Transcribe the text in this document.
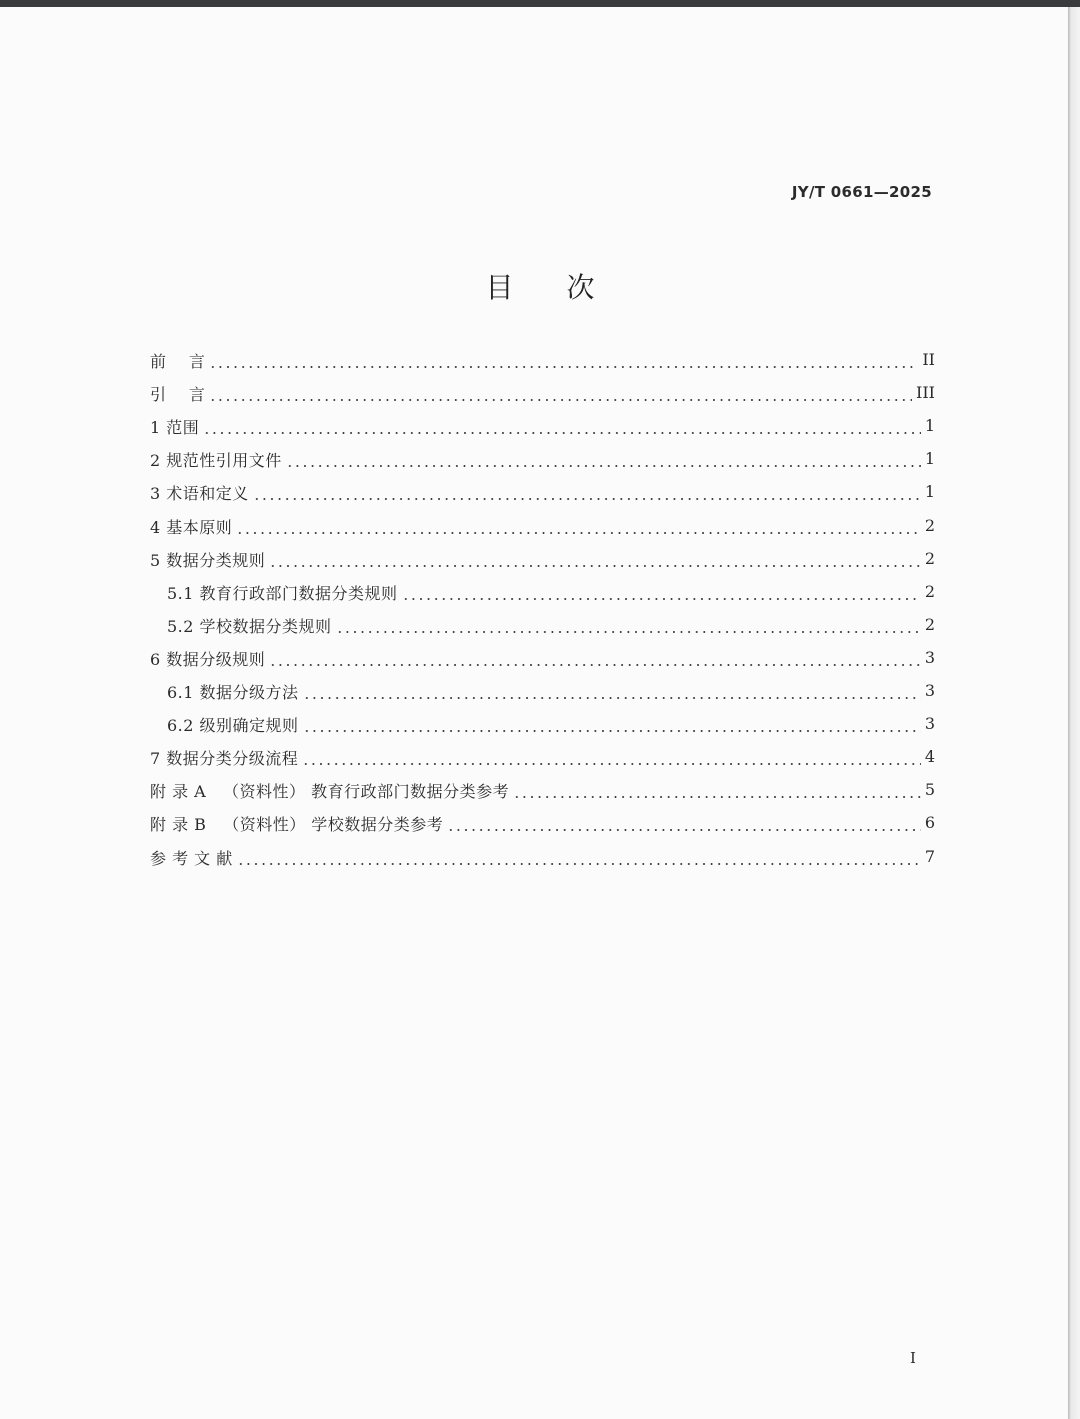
JY/T 0661—2025
目 次
前    言	II
引    言	III
1 范围	1
2 规范性引用文件	1
3 术语和定义	1
4 基本原则	2
5 数据分类规则	2
5.1 教育行政部门数据分类规则	2
5.2 学校数据分类规则	2
6 数据分级规则	3
6.1 数据分级方法	3
6.2 级别确定规则	3
7 数据分类分级流程	4
附 录 A   （资料性） 教育行政部门数据分类参考	5
附 录 B   （资料性） 学校数据分类参考	6
参 考 文 献	7
I
